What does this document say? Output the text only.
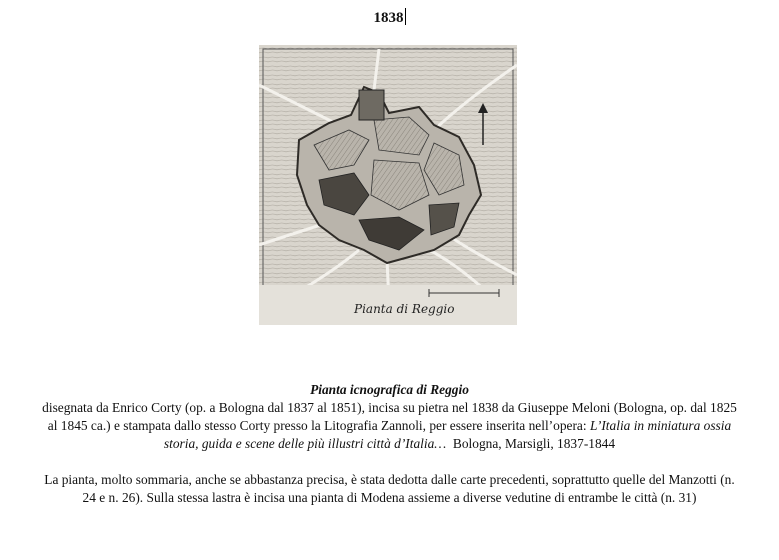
1838
Pianta di Reggio

Pianta icnografica di Reggio

disegnata da Enrico Corty (op. a Bologna dal 1837 al 1851), incisa su pietra nel 1838 da Giuseppe Meloni (Bologna, op. dal 1825 al 1845 ca.) e stampata dallo stesso Corty presso la Litografia Zannoli, per essere inserita nell’opera: L’Italia in miniatura ossia storia, guida e scene delle più illustri città d’Italia…  Bologna, Marsigli, 1837-1844

La pianta, molto sommaria, anche se abbastanza precisa, è stata dedotta dalle carte precedenti, soprattutto quelle del Manzotti (n. 24 e n. 26). Sulla stessa lastra è incisa una pianta di Modena assieme a diverse vedutine di entrambe le città (n. 31)
